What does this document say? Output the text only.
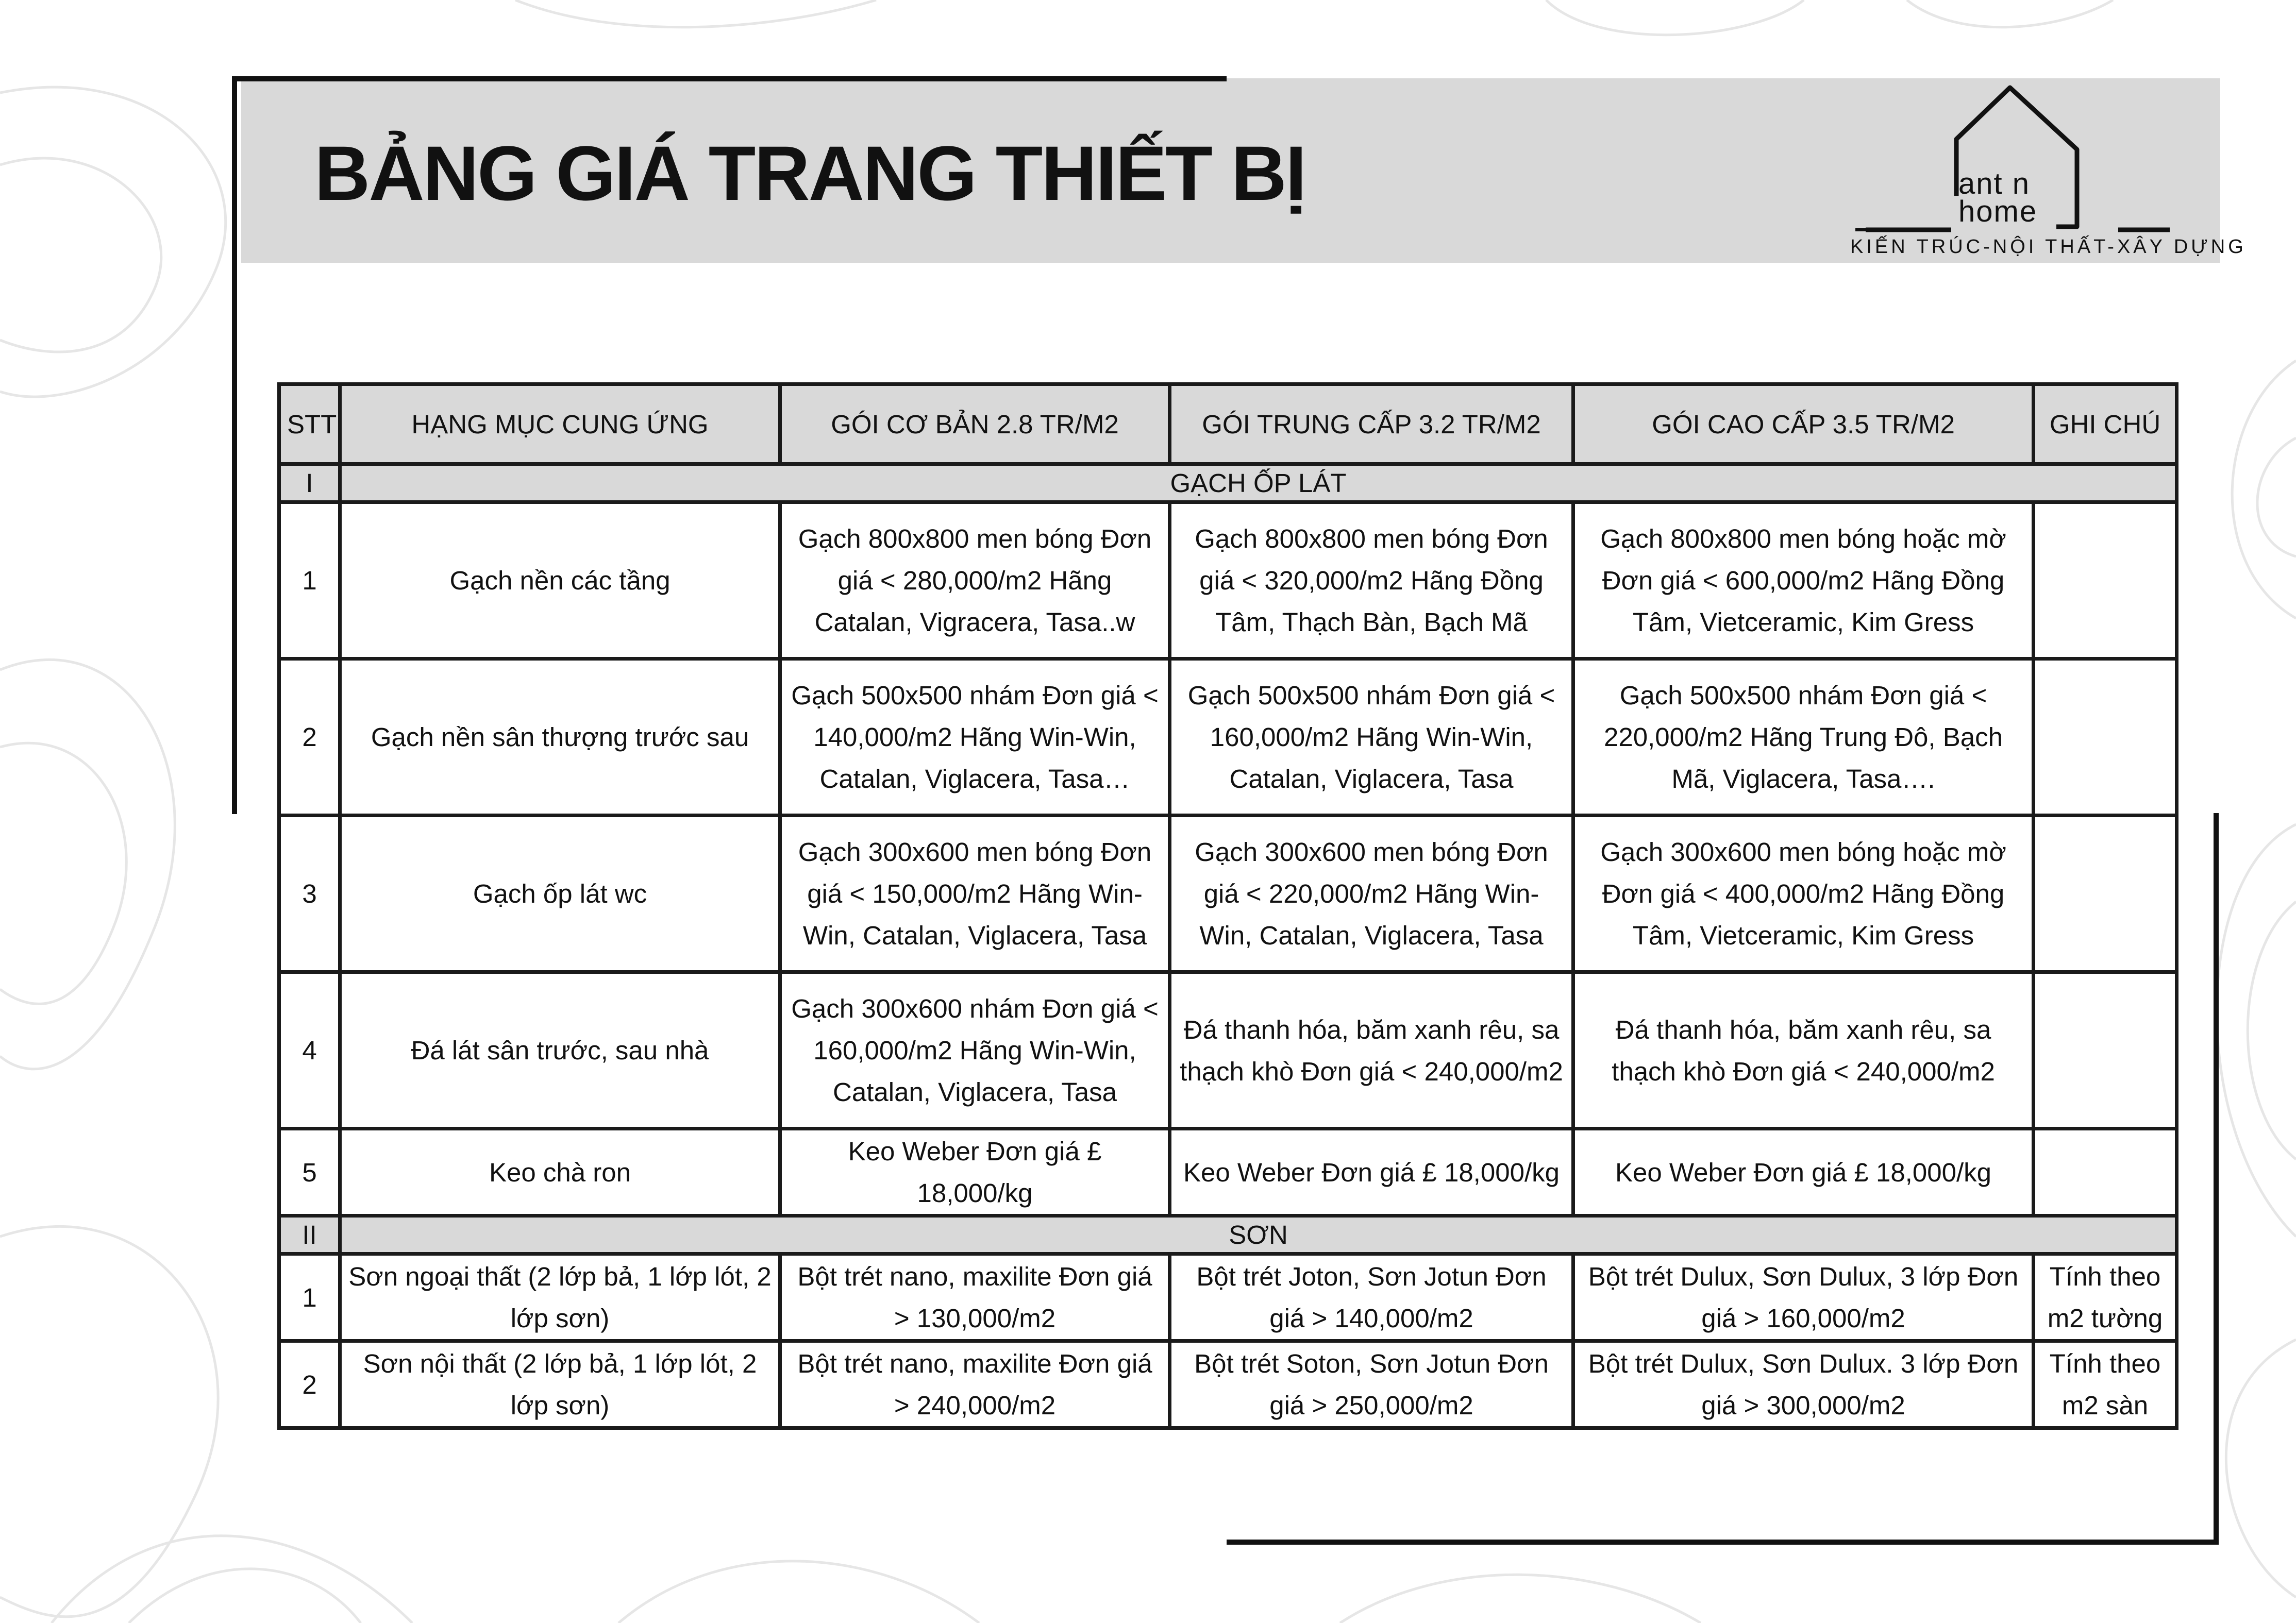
BẢNG GIÁ TRANG THIẾT BỊ	ant n
home
KIẾN TRÚC-NỘI THẤT-XÂY DỰNG
STT	HẠNG MỤC CUNG ỨNG	GÓI CƠ BẢN 2.8 TR/M2	GÓI TRUNG CẤP 3.2 TR/M2	GÓI CAO CẤP 3.5 TR/M2	GHI CHÚ
I	GẠCH ỐP LÁT				
1	Gạch nền các tầng	Gạch 800x800 men bóng Đơn giá < 280,000/m2 Hãng Catalan, Vigracera, Tasa..w	Gạch 800x800 men bóng Đơn giá < 320,000/m2 Hãng Đồng Tâm, Thạch Bàn, Bạch Mã	Gạch 800x800 men bóng hoặc mờ Đơn giá < 600,000/m2 Hãng Đồng Tâm, Vietceramic, Kim Gress	
2	Gạch nền sân thượng trước sau	Gạch 500x500 nhám Đơn giá < 140,000/m2 Hãng Win-Win, Catalan, Viglacera, Tasa…	Gạch 500x500 nhám Đơn giá < 160,000/m2 Hãng Win-Win, Catalan, Viglacera, Tasa	Gạch 500x500 nhám Đơn giá < 220,000/m2 Hãng Trung Đô, Bạch Mã, Viglacera, Tasa….	
3	Gạch ốp lát wc	Gạch 300x600 men bóng Đơn giá < 150,000/m2 Hãng Win-Win, Catalan, Viglacera, Tasa	Gạch 300x600 men bóng Đơn giá < 220,000/m2 Hãng Win-Win, Catalan, Viglacera, Tasa	Gạch 300x600 men bóng hoặc mờ Đơn giá < 400,000/m2 Hãng Đồng Tâm, Vietceramic, Kim Gress	
4	Đá lát sân trước, sau nhà	Gạch 300x600 nhám Đơn giá < 160,000/m2 Hãng Win-Win, Catalan, Viglacera, Tasa	Đá thanh hóa, băm xanh rêu, sa thạch khò Đơn giá < 240,000/m2	Đá thanh hóa, băm xanh rêu, sa thạch khò Đơn giá < 240,000/m2	
5	Keo chà ron	Keo Weber Đơn giá £ 18,000/kg	Keo Weber Đơn giá £ 18,000/kg	Keo Weber Đơn giá £ 18,000/kg	
II	SƠN				
1	Sơn ngoại thất (2 lớp bả, 1 lớp lót, 2 lớp sơn)	Bột trét nano, maxilite Đơn giá > 130,000/m2	Bột trét Joton, Sơn Jotun Đơn giá > 140,000/m2	Bột trét Dulux, Sơn Dulux, 3 lớp Đơn giá > 160,000/m2	Tính theo m2 tường
2	Sơn nội thất (2 lớp bả, 1 lớp lót, 2 lớp sơn)	Bột trét nano, maxilite Đơn giá > 240,000/m2	Bột trét Soton, Sơn Jotun Đơn giá > 250,000/m2	Bột trét Dulux, Sơn Dulux. 3 lớp Đơn giá > 300,000/m2	Tính theo m2 sàn
